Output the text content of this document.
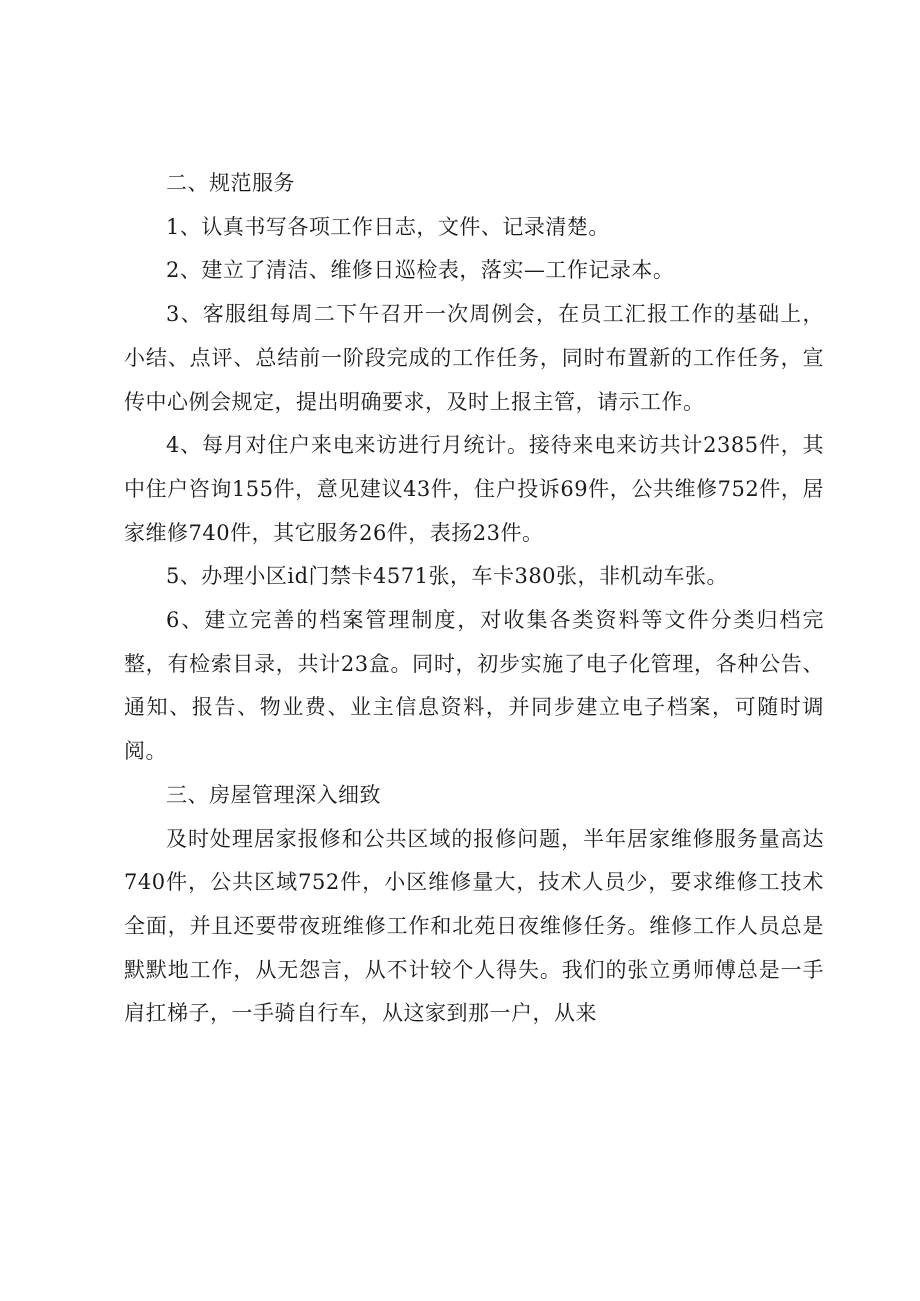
二、规范服务

1、认真书写各项工作日志，文件、记录清楚。

2、建立了清洁、维修日巡检表，落实—工作记录本。

3、客服组每周二下午召开一次周例会，在员工汇报工作的基础上，小结、点评、总结前一阶段完成的工作任务，同时布置新的工作任务，宣传中心例会规定，提出明确要求，及时上报主管，请示工作。

4、每月对住户来电来访进行月统计。接待来电来访共计2385件，其中住户咨询155件，意见建议43件，住户投诉69件，公共维修752件，居家维修740件，其它服务26件，表扬23件。

5、办理小区id门禁卡4571张，车卡380张，非机动车张。

6、建立完善的档案管理制度，对收集各类资料等文件分类归档完整，有检索目录，共计23盒。同时，初步实施了电子化管理，各种公告、通知、报告、物业费、业主信息资料，并同步建立电子档案，可随时调阅。

三、房屋管理深入细致

及时处理居家报修和公共区域的报修问题，半年居家维修服务量高达740件，公共区域752件，小区维修量大，技术人员少，要求维修工技术全面，并且还要带夜班维修工作和北苑日夜维修任务。维修工作人员总是默默地工作，从无怨言，从不计较个人得失。我们的张立勇师傅总是一手肩扛梯子，一手骑自行车，从这家到那一户，从来
